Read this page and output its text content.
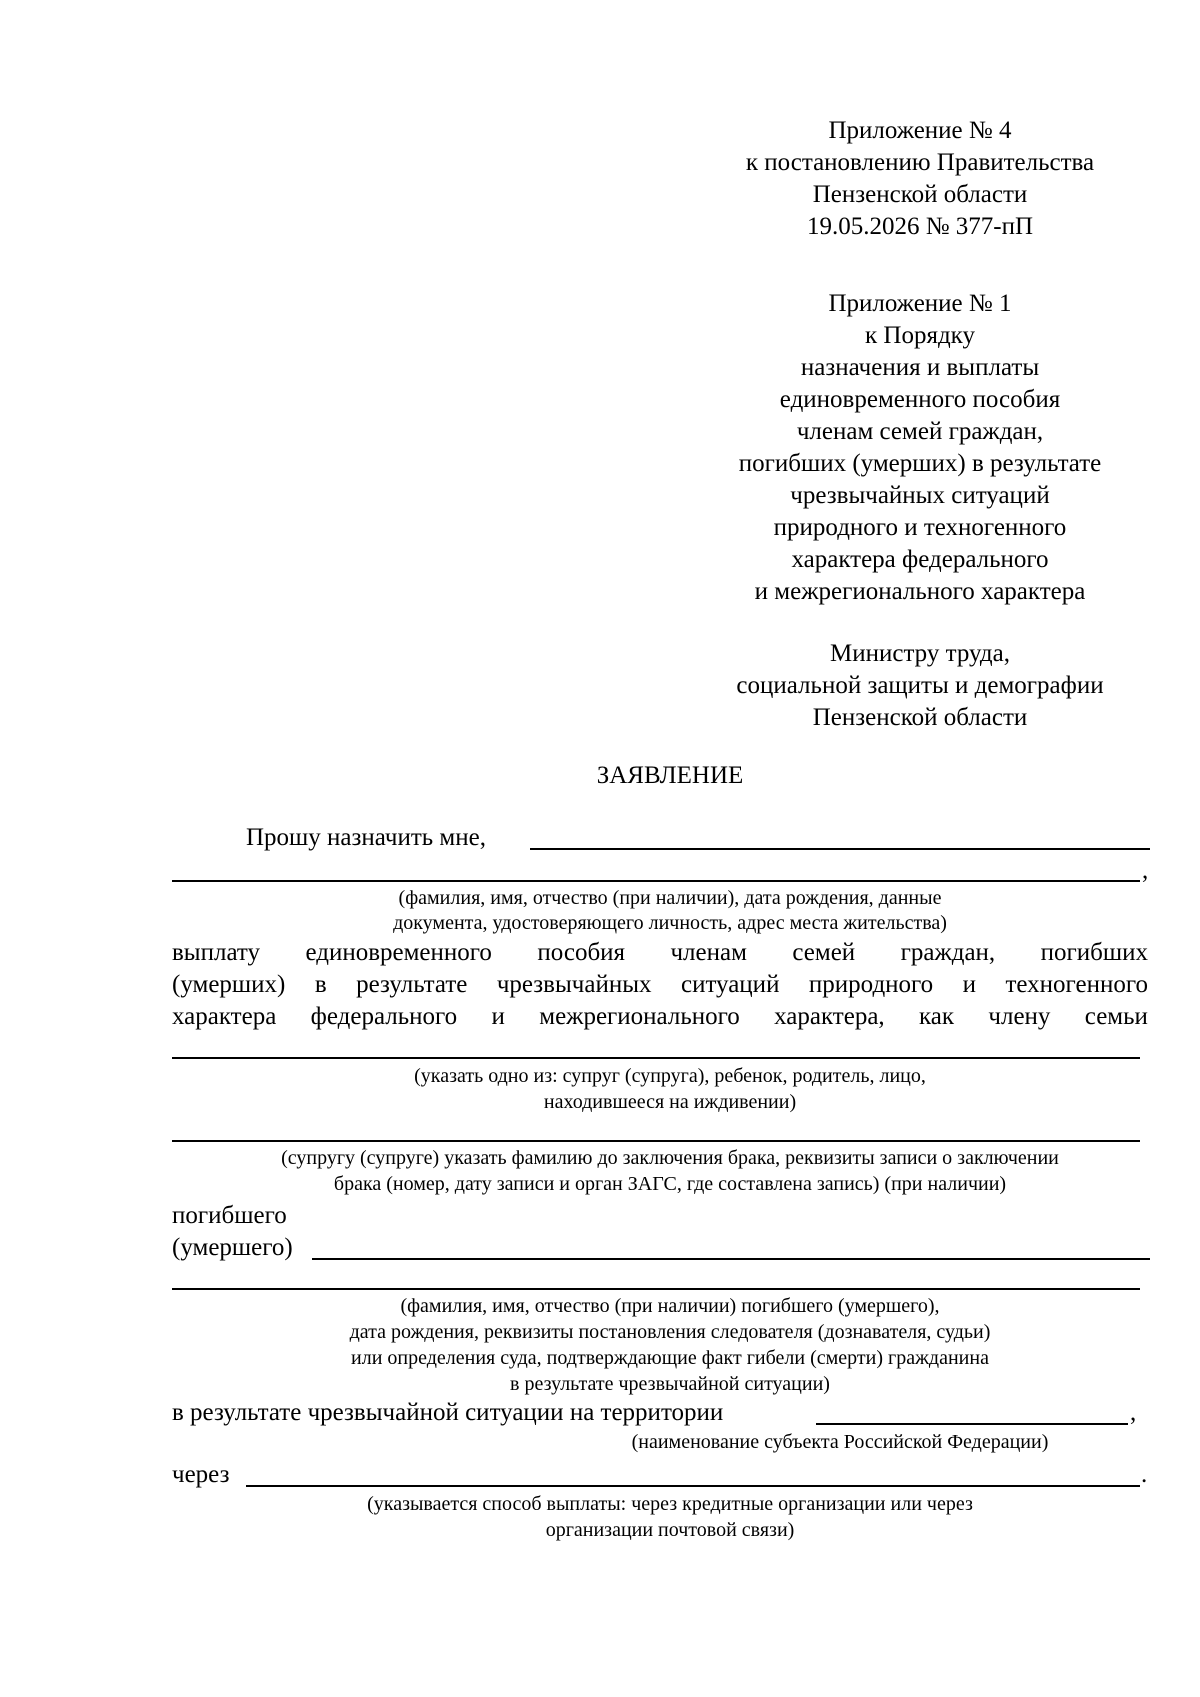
Приложение № 4
к постановлению Правительства
Пензенской области
19.05.2026 № 377-пП
Приложение № 1
к Порядку
назначения и выплаты
единовременного пособия
членам семей граждан,
погибших (умерших) в результате
чрезвычайных ситуаций
природного и техногенного
характера федерального
и межрегионального характера
Министру труда,
социальной защиты и демографии
Пензенской области
ЗАЯВЛЕНИЕ
Прошу назначить мне,
,
(фамилия, имя, отчество (при наличии), дата рождения, данные
документа, удостоверяющего личность, адрес места жительства)
выплату единовременного пособия членам семей граждан, погибших
(умерших) в результате чрезвычайных ситуаций природного и техногенного
характера федерального и межрегионального характера, как члену семьи
(указать одно из: супруг (супруга), ребенок, родитель, лицо,
находившееся на иждивении)
(супругу (супруге) указать фамилию до заключения брака, реквизиты записи о заключении
брака (номер, дату записи и орган ЗАГС, где составлена запись) (при наличии)
погибшего
(умершего)
(фамилия, имя, отчество (при наличии) погибшего (умершего),
дата рождения, реквизиты постановления следователя (дознавателя, судьи)
или определения суда, подтверждающие факт гибели (смерти) гражданина
в результате чрезвычайной ситуации)
в результате чрезвычайной ситуации на территории	,
(наименование субъекта Российской Федерации)
через	.
(указывается способ выплаты: через кредитные организации или через
организации почтовой связи)
